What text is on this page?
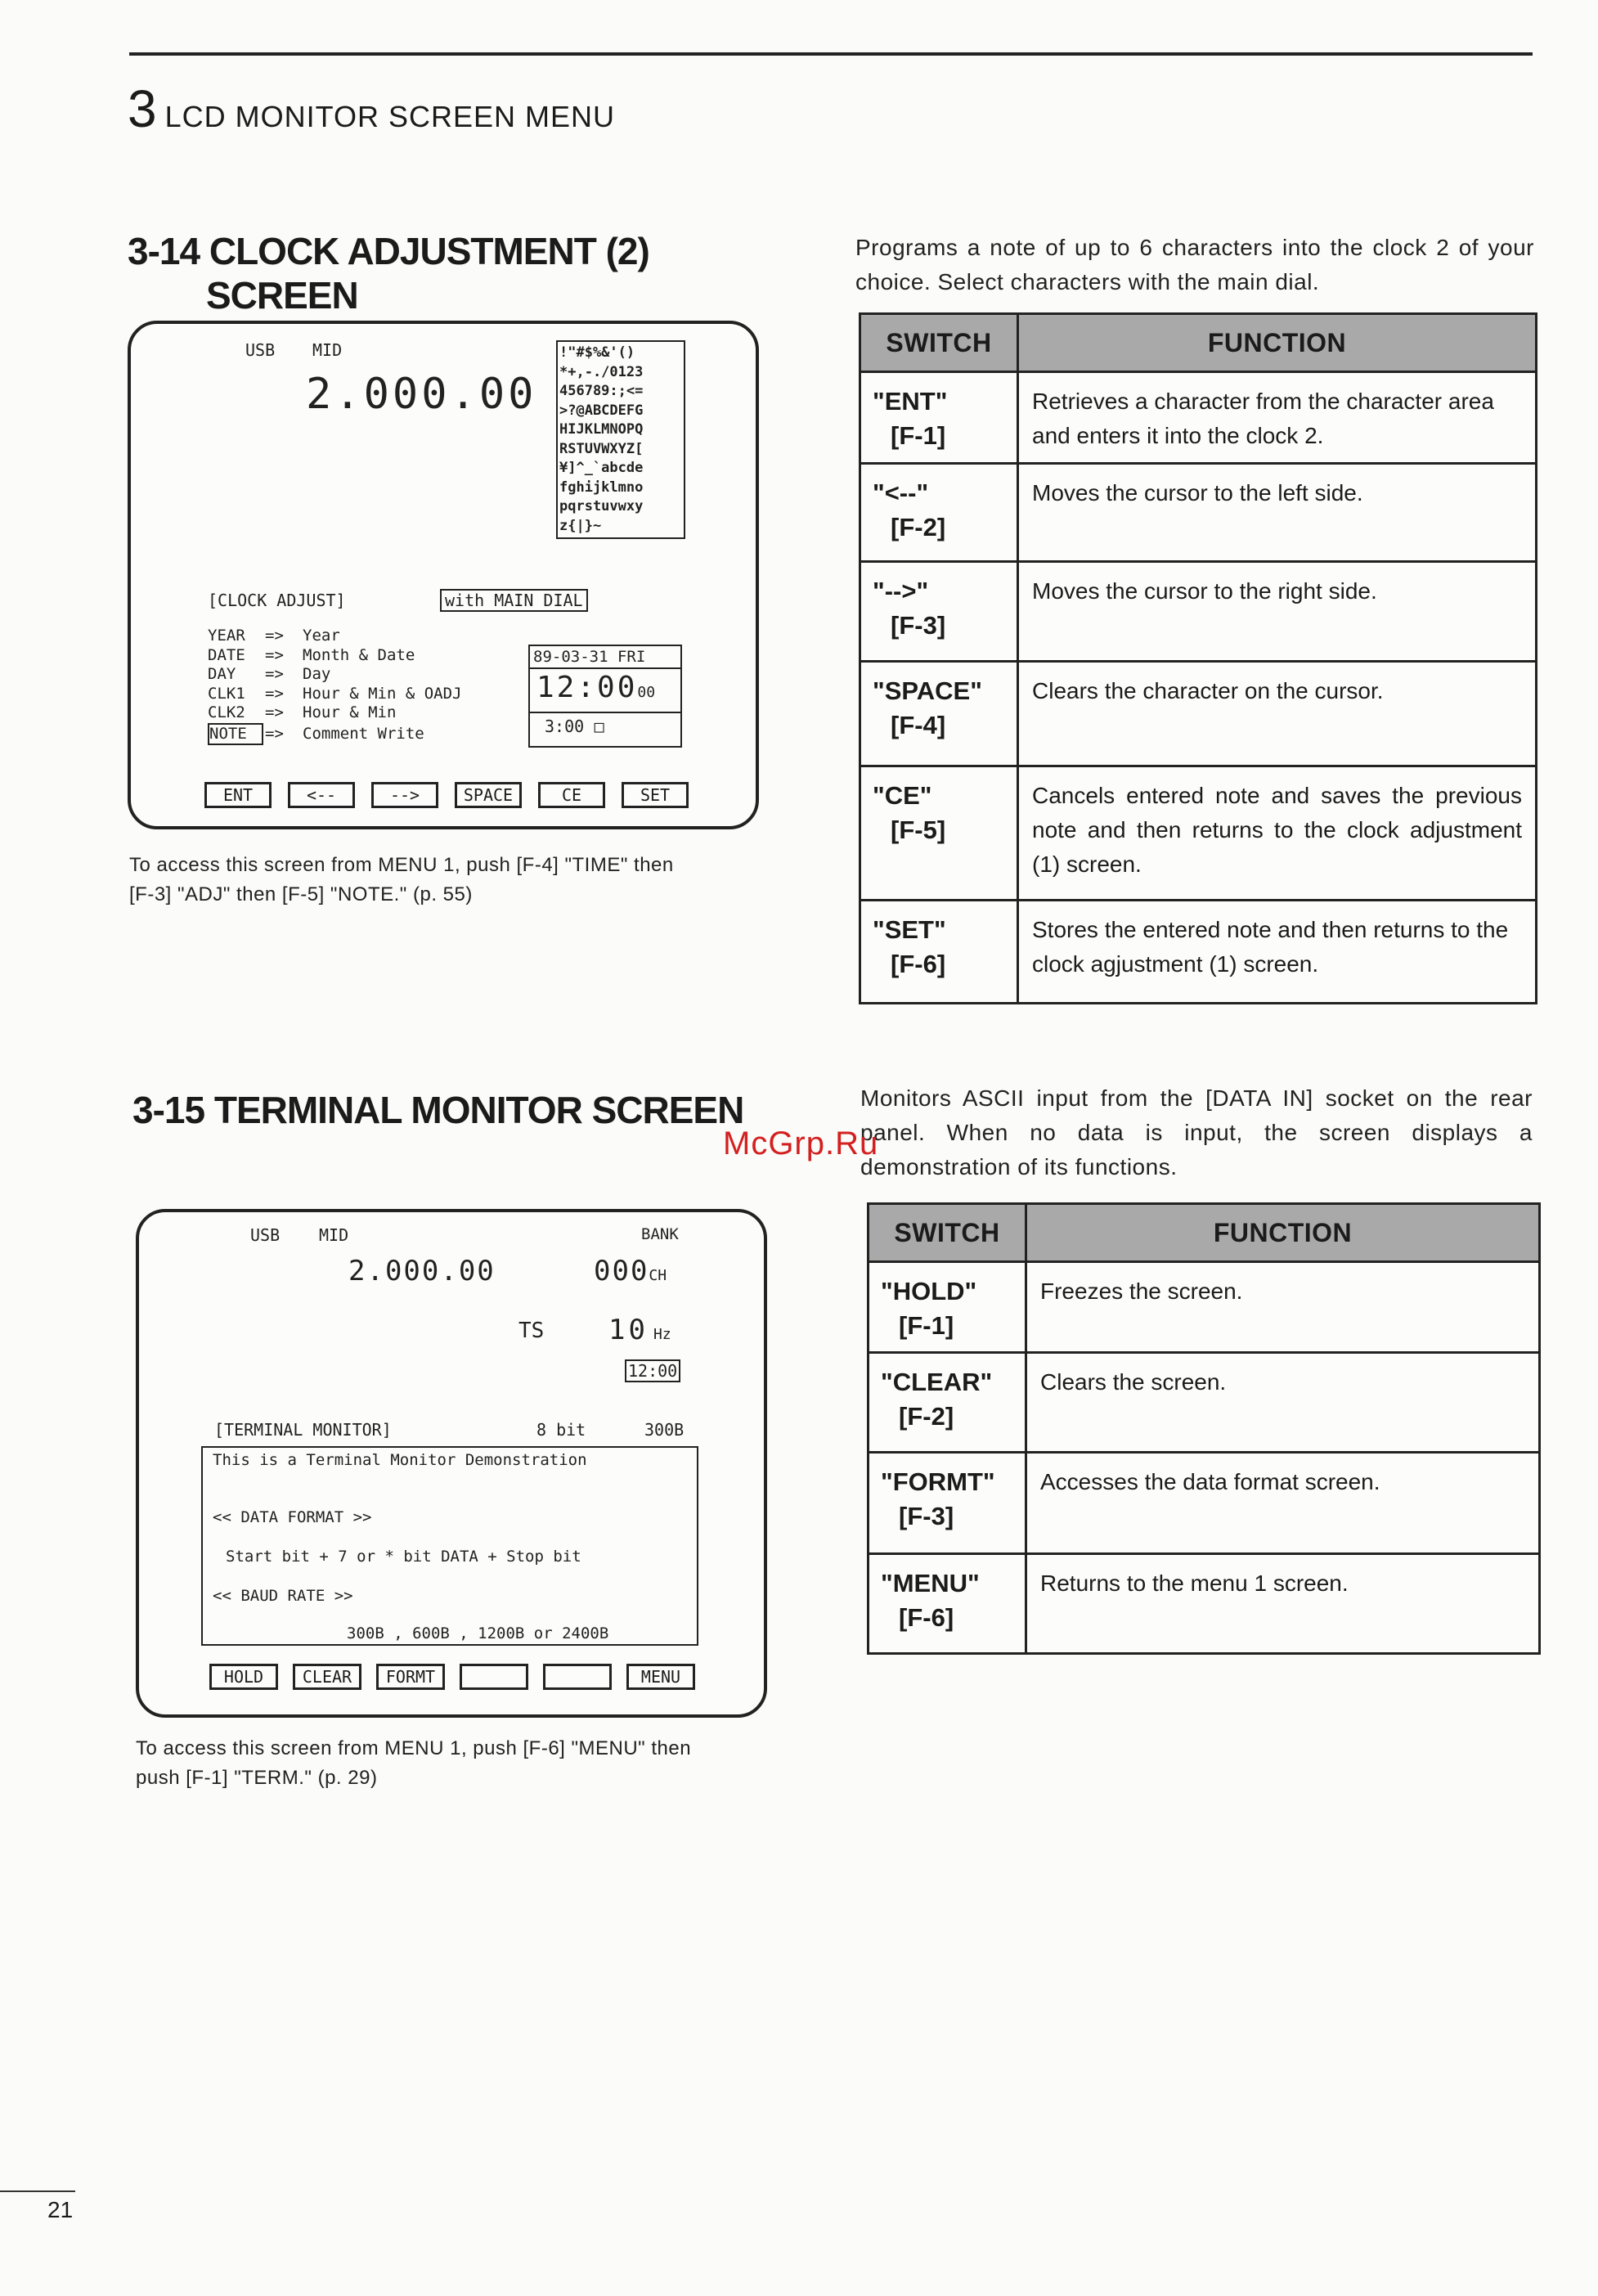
3 LCD MONITOR SCREEN MENU
3-14 CLOCK ADJUSTMENT (2)
SCREEN
Programs a note of up to 6 characters into the clock 2 of your choice. Select characters with the main dial.
USB MID
2.000.00
!"#$%&'()
*+,-./0123
456789:;<=
>?@ABCDEFG
HIJKLMNOPQ
RSTUVWXYZ[
¥]^_`abcde
fghijklmno
pqrstuvwxy
z{|}~
[CLOCK ADJUST]	with MAIN DIAL
YEAR => Year
DATE => Month & Date
DAY => Day
CLK1 => Hour & Min & OADJ
CLK2 => Hour & Min
NOTE => Comment Write
89-03-31 FRI
12:0000
3:00 □
ENT	<--	-->	SPACE	CE	SET
To access this screen from MENU 1, push [F-4] "TIME" then
[F-3] "ADJ" then [F-5] "NOTE." (p. 55)
SWITCH	FUNCTION
"ENT"
[F-1]	Retrieves a character from the character area and enters it into the clock 2.
"<--"
[F-2]	Moves the cursor to the left side.
"-->"
[F-3]	Moves the cursor to the right side.
"SPACE"
[F-4]	Clears the character on the cursor.
"CE"
[F-5]	Cancels entered note and saves the previous note and then returns to the clock adjustment (1) screen.
"SET"
[F-6]	Stores the entered note and then returns to the clock agjustment (1) screen.
3-15 TERMINAL MONITOR SCREEN	Monitors ASCII input from the [DATA IN] socket on the rear panel. When no data is input, the screen displays a demonstration of its functions.
McGrp.Ru
USB MID	BANK
2.000.00	000CH
TS 10 Hz
12:00
[TERMINAL MONITOR]	8 bit	300B
This is a Terminal Monitor Demonstration
<< DATA FORMAT >>
Start bit + 7 or * bit DATA + Stop bit
<< BAUD RATE >>
300B , 600B , 1200B or 2400B
HOLD	CLEAR	FORMT	MENU
To access this screen from MENU 1, push [F-6] "MENU" then
push [F-1] "TERM." (p. 29)
SWITCH	FUNCTION
"HOLD"
[F-1]	Freezes the screen.
"CLEAR"
[F-2]	Clears the screen.
"FORMT"
[F-3]	Accesses the data format screen.
"MENU"
[F-6]	Returns to the menu 1 screen.
21
